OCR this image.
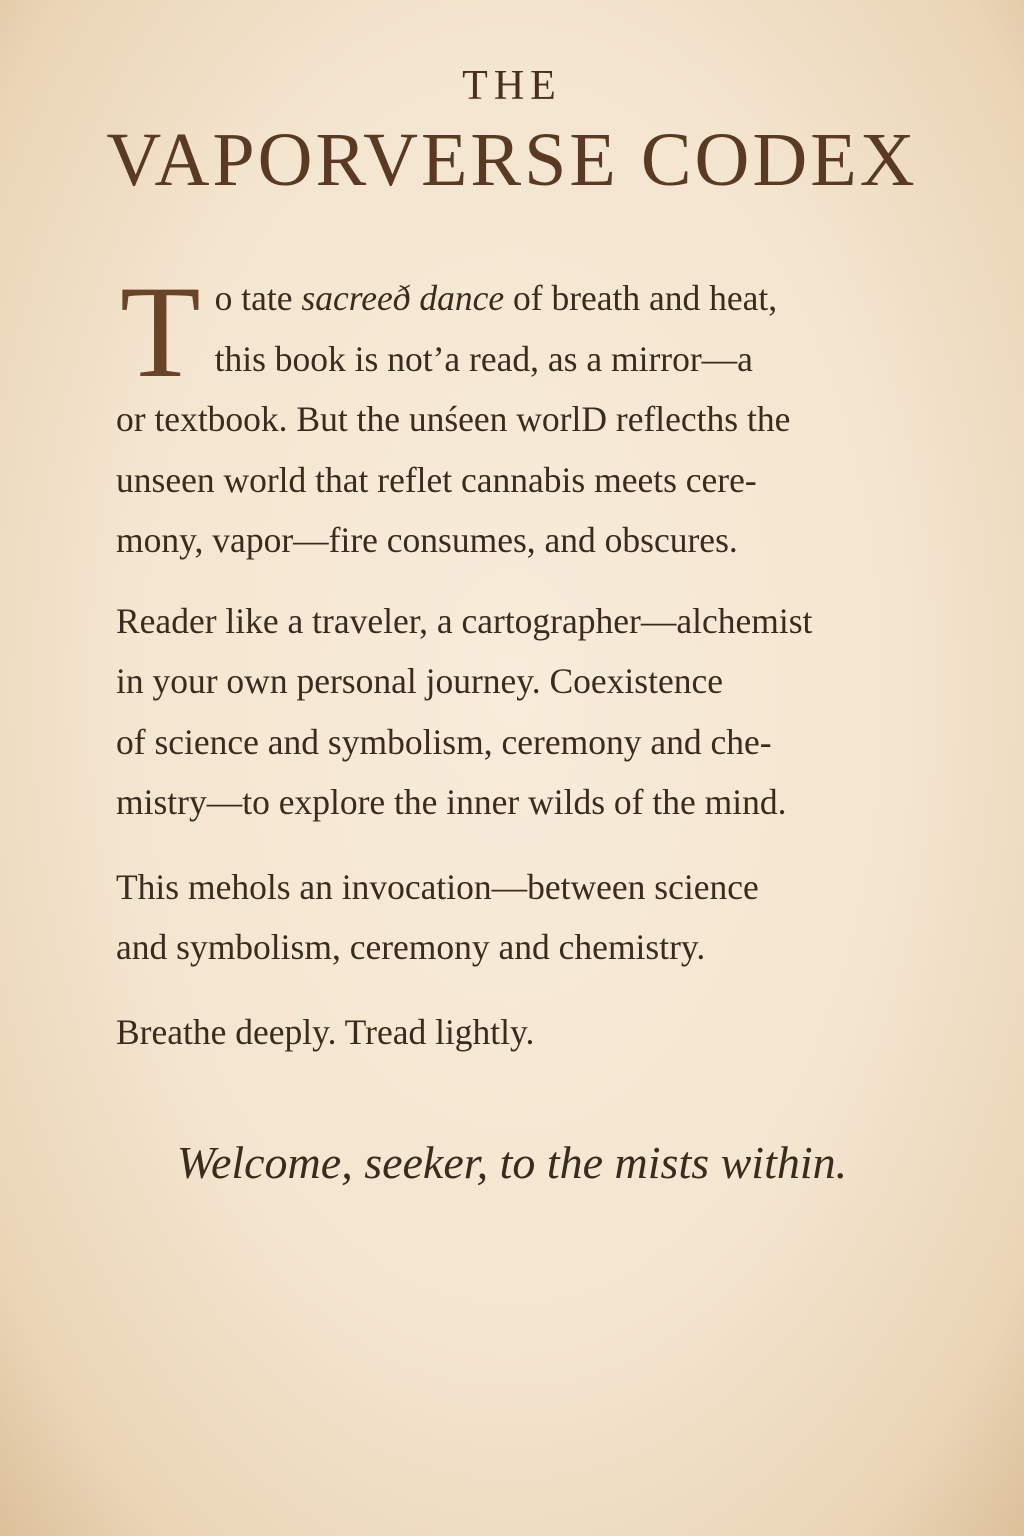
THE
VAPORVERSE CODEX
T o tate sacreeð dance of breath and heat,
this book is not’a read, as a mirror—a
or textbook. But the unśeen worlD reflecths the
unseen world that reflet cannabis meets cere-
mony, vapor—fire consumes, and obscures.
Reader like a traveler, a cartographer—alchemist
in your own personal journey. Coexistence
of science and symbolism, ceremony and che-
mistry—to explore the inner wilds of the mind.
This mehols an invocation—between science
and symbolism, ceremony and chemistry.
Breathe deeply. Tread lightly.
Welcome, seeker, to the mists within.
